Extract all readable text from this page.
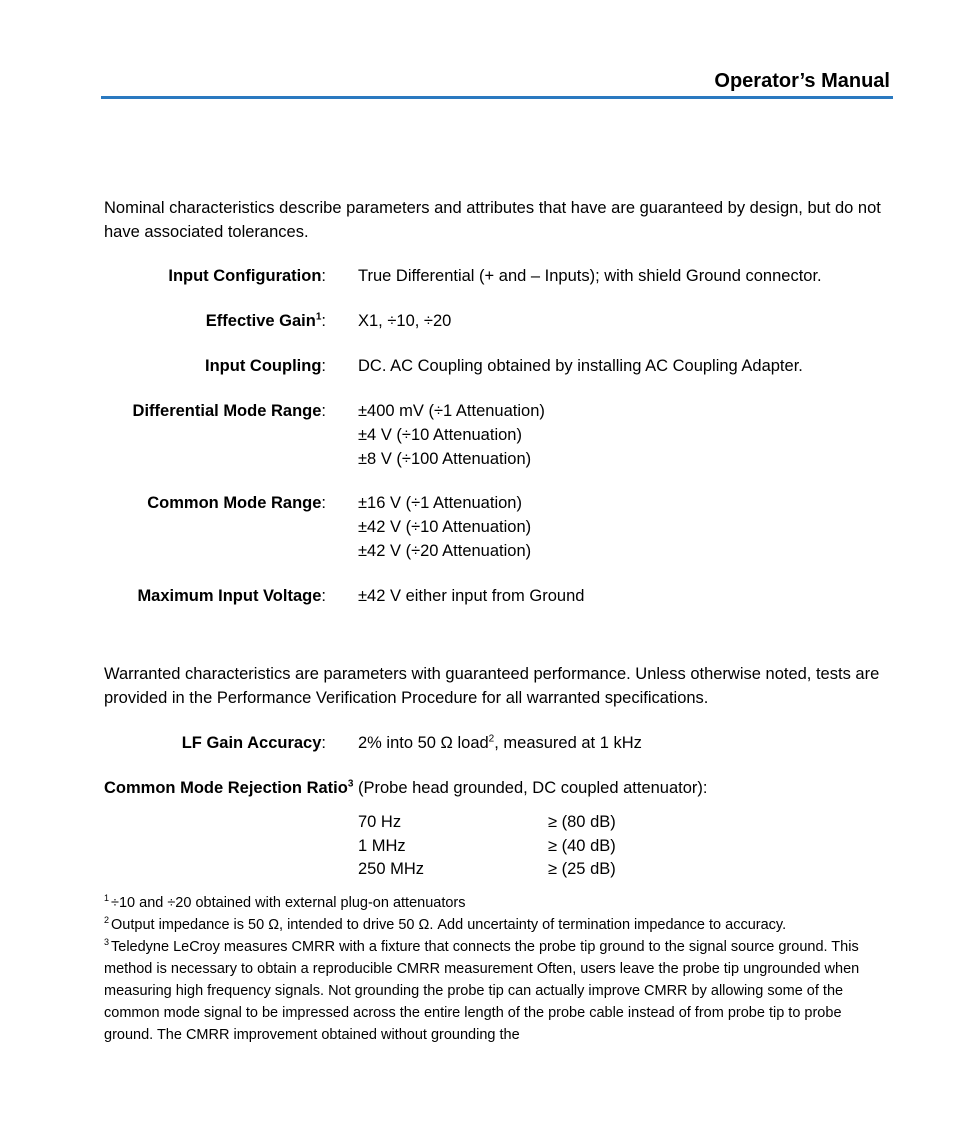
Operator’s Manual
Nominal characteristics describe parameters and attributes that have are guaranteed by design, but do not have associated tolerances.
Input Configuration: True Differential (+ and – Inputs); with shield Ground connector.
Effective Gain$^1$: X1, ÷10, ÷20
Input Coupling: DC. AC Coupling obtained by installing AC Coupling Adapter.
Differential Mode Range: ±400 mV (÷1 Attenuation)
±4 V (÷10 Attenuation)
±8 V (÷100 Attenuation)
Common Mode Range: ±16 V (÷1 Attenuation)
±42 V (÷10 Attenuation)
±42 V (÷20 Attenuation)
Maximum Input Voltage: ±42 V either input from Ground
Warranted characteristics are parameters with guaranteed performance. Unless otherwise noted, tests are provided in the Performance Verification Procedure for all warranted specifications.
LF Gain Accuracy: 2% into 50 Ω load$^2$, measured at 1 kHz
Common Mode Rejection Ratio$^3$ (Probe head grounded, DC coupled attenuator):
70 Hz	≥ (80 dB)
1 MHz	≥ (40 dB)
250 MHz	≥ (25 dB)
$^1$ ÷10 and ÷20 obtained with external plug-on attenuators
$^2$ Output impedance is 50 Ω, intended to drive 50 Ω. Add uncertainty of termination impedance to accuracy.
$^3$ Teledyne LeCroy measures CMRR with a fixture that connects the probe tip ground to the signal source ground. This method is necessary to obtain a reproducible CMRR measurement Often, users leave the probe tip ungrounded when measuring high frequency signals. Not grounding the probe tip can actually improve CMRR by allowing some of the common mode signal to be impressed across the entire length of the probe cable instead of from probe tip to probe ground. The CMRR improvement obtained without grounding the
